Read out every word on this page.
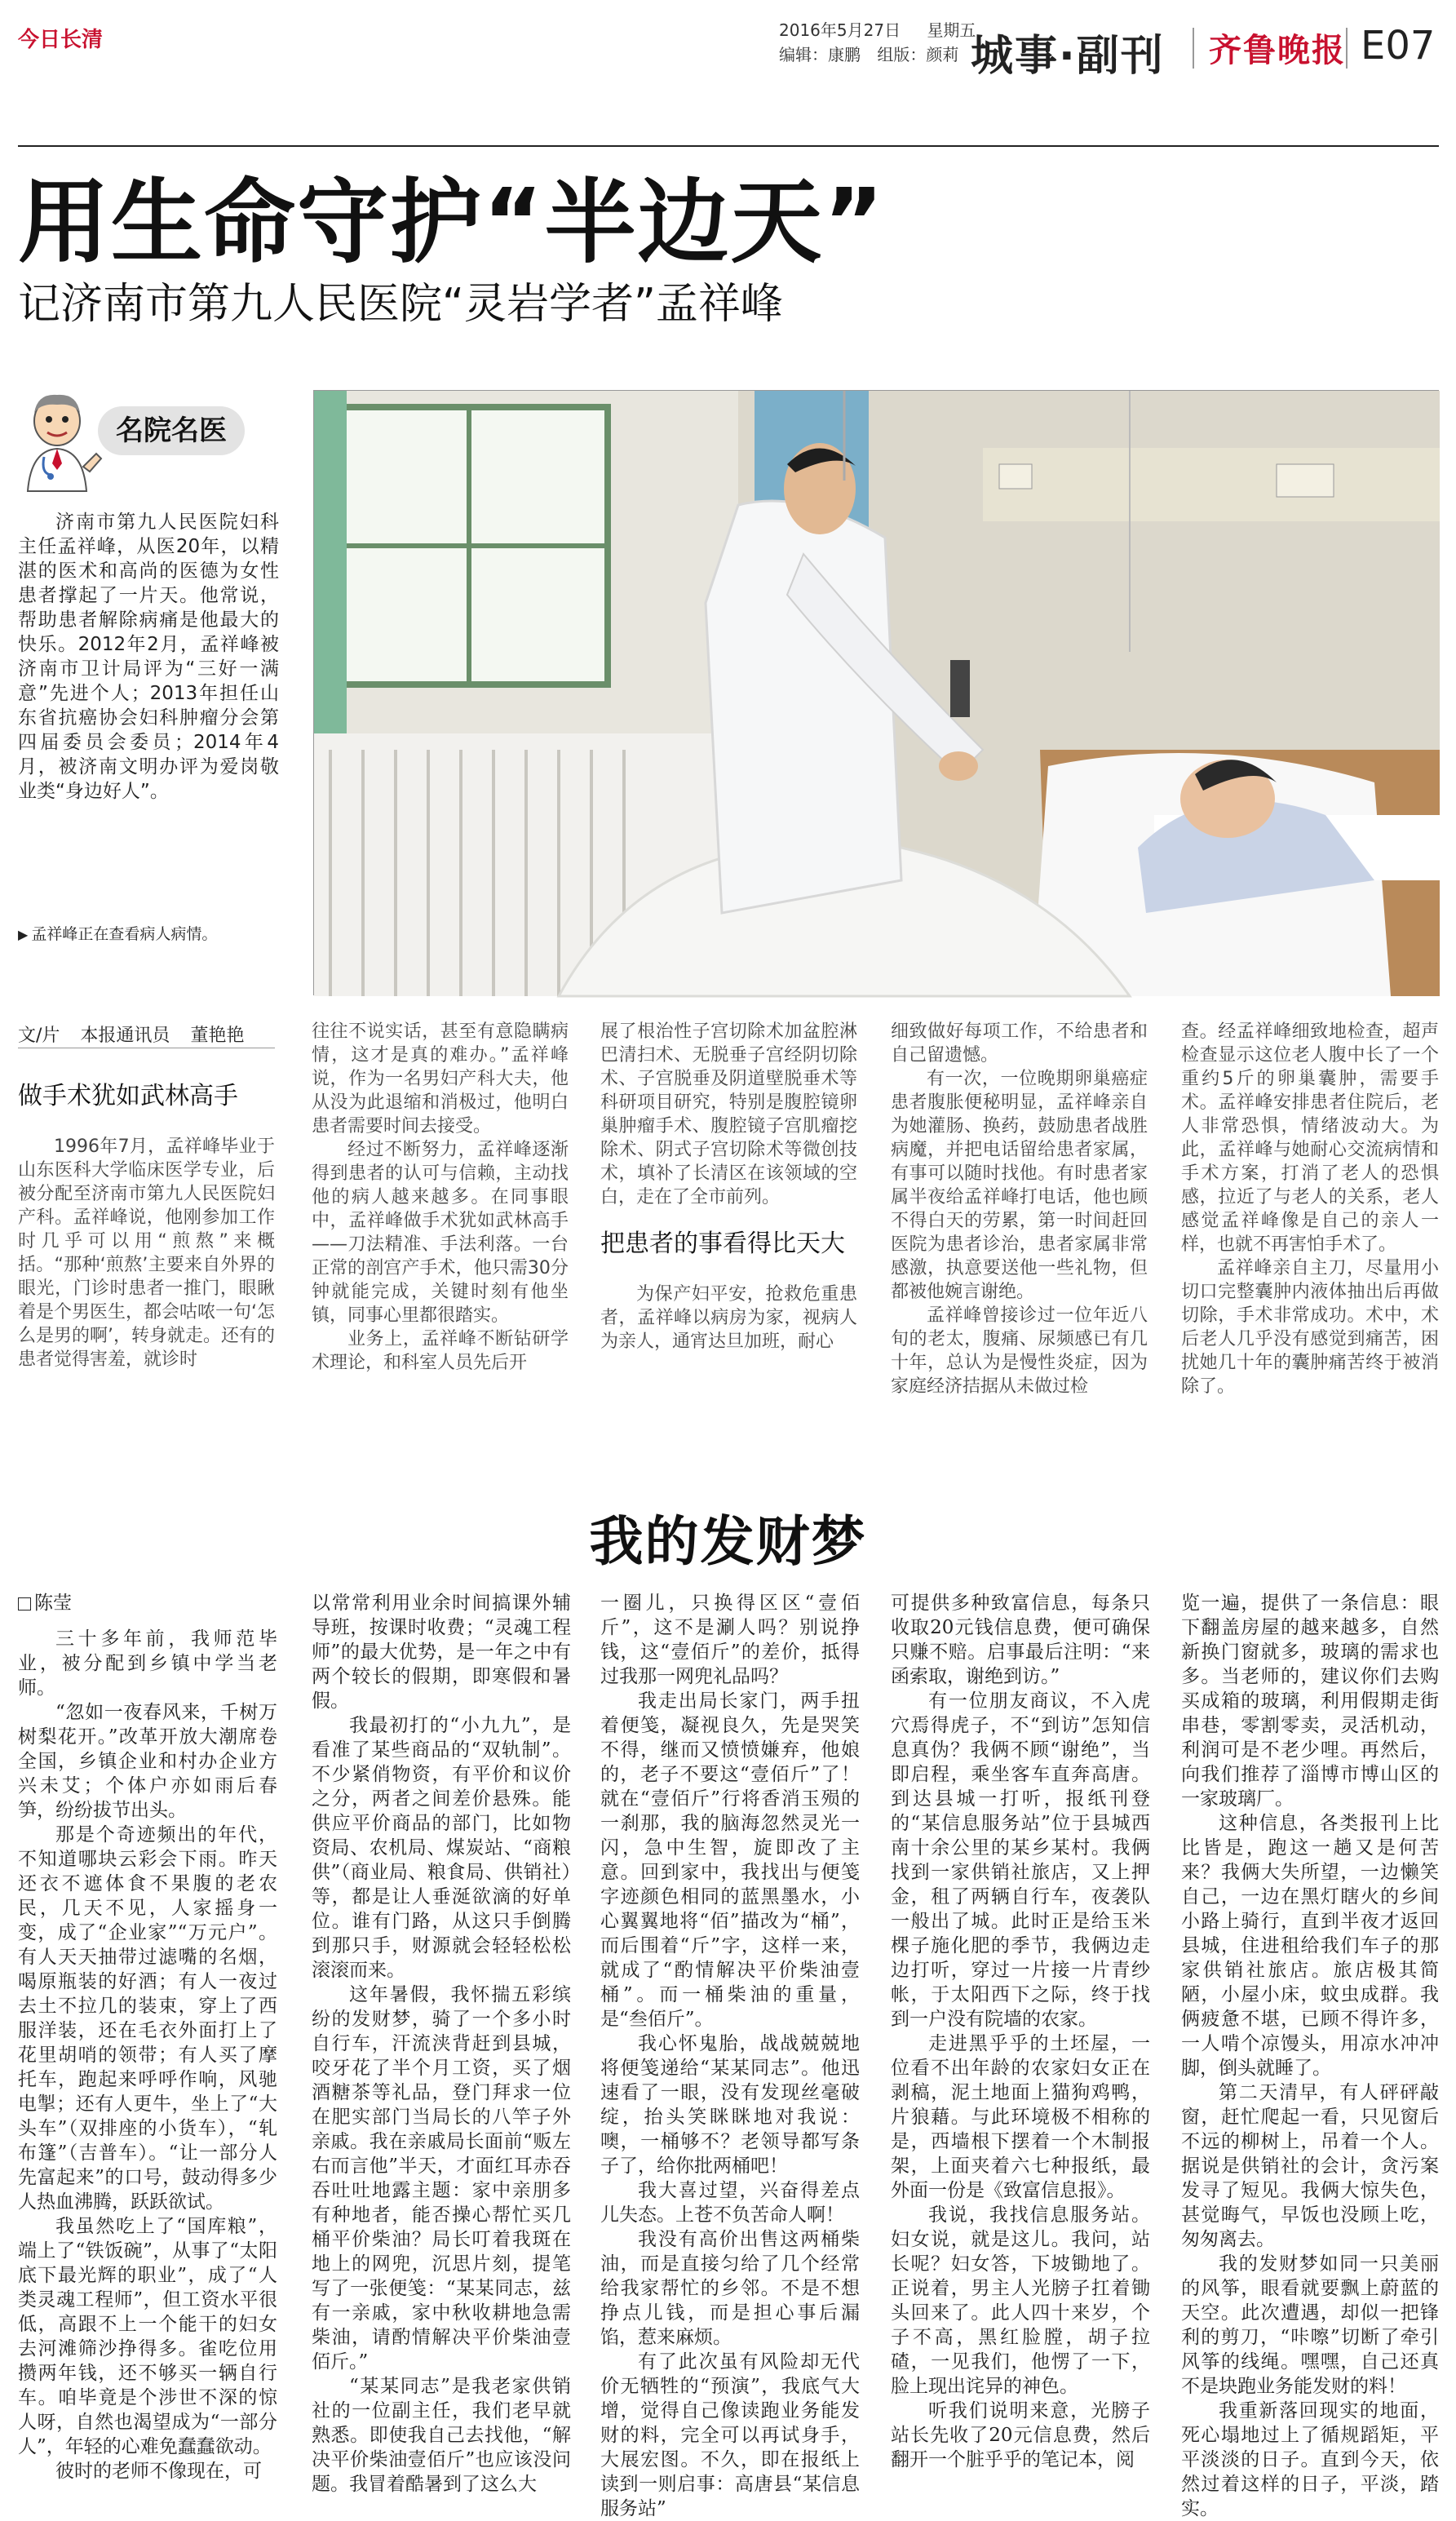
今日长清	2016年5月27日 星期五
编辑：康鹏 组版：颜莉 城事·副刊 齐鲁晚报 E07
用生命守护“半边天”
记济南市第九人民医院“灵岩学者”孟祥峰
名院名医
济南市第九人民医院妇科主任孟祥峰，从医20年，以精湛的医术和高尚的医德为女性患者撑起了一片天。他常说，帮助患者解除病痛是他最大的快乐。2012年2月，孟祥峰被济南市卫计局评为“三好一满意”先进个人；2013年担任山东省抗癌协会妇科肿瘤分会第四届委员会委员；2014年4月，被济南文明办评为爱岗敬业类“身边好人”。
▶ 孟祥峰正在查看病人病情。
文/片 本报通讯员 董艳艳
做手术犹如武林高手

1996年7月，孟祥峰毕业于山东医科大学临床医学专业，后被分配至济南市第九人民医院妇产科。孟祥峰说，他刚参加工作时几乎可以用“煎熬”来概括。“那种‘煎熬’主要来自外界的眼光，门诊时患者一推门，眼瞅着是个男医生，都会咕哝一句‘怎么是男的啊’，转身就走。还有的患者觉得害羞，就诊时

往往不说实话，甚至有意隐瞒病情，这才是真的难办。”孟祥峰说，作为一名男妇产科大夫，他从没为此退缩和消极过，他明白患者需要时间去接受。

经过不断努力，孟祥峰逐渐得到患者的认可与信赖，主动找他的病人越来越多。在同事眼中，孟祥峰做手术犹如武林高手——刀法精准、手法利落。一台正常的剖宫产手术，他只需30分钟就能完成，关键时刻有他坐镇，同事心里都很踏实。

业务上，孟祥峰不断钻研学术理论，和科室人员先后开

展了根治性子宫切除术加盆腔淋巴清扫术、无脱垂子宫经阴切除术、子宫脱垂及阴道壁脱垂术等科研项目研究，特别是腹腔镜卵巢肿瘤手术、腹腔镜子宫肌瘤挖除术、阴式子宫切除术等微创技术，填补了长清区在该领域的空白，走在了全市前列。

把患者的事看得比天大

为保产妇平安，抢救危重患者，孟祥峰以病房为家，视病人为亲人，通宵达旦加班，耐心

细致做好每项工作，不给患者和自己留遗憾。

有一次，一位晚期卵巢癌症患者腹胀便秘明显，孟祥峰亲自为她灌肠、换药，鼓励患者战胜病魔，并把电话留给患者家属，有事可以随时找他。有时患者家属半夜给孟祥峰打电话，他也顾不得白天的劳累，第一时间赶回医院为患者诊治，患者家属非常感激，执意要送他一些礼物，但都被他婉言谢绝。

孟祥峰曾接诊过一位年近八旬的老太，腹痛、尿频感已有几十年，总认为是慢性炎症，因为家庭经济拮据从未做过检

查。经孟祥峰细致地检查，超声检查显示这位老人腹中长了一个重约5斤的卵巢囊肿，需要手术。孟祥峰安排患者住院后，老人非常恐惧，情绪波动大。为此，孟祥峰与她耐心交流病情和手术方案，打消了老人的恐惧感，拉近了与老人的关系，老人感觉孟祥峰像是自己的亲人一样，也就不再害怕手术了。

孟祥峰亲自主刀，尽量用小切口完整囊肿内液体抽出后再做切除，手术非常成功。术中，术后老人几乎没有感觉到痛苦，困扰她几十年的囊肿痛苦终于被消除了。

我的发财梦
陈莹

三十多年前，我师范毕业，被分配到乡镇中学当老师。

“忽如一夜春风来，千树万树梨花开。”改革开放大潮席卷全国，乡镇企业和村办企业方兴未艾；个体户亦如雨后春笋，纷纷拔节出头。

那是个奇迹频出的年代，不知道哪块云彩会下雨。昨天还衣不遮体食不果腹的老农民，几天不见，人家摇身一变，成了“企业家”“万元户”。有人天天抽带过滤嘴的名烟，喝原瓶装的好酒；有人一夜过去土不拉几的装束，穿上了西服洋装，还在毛衣外面打上了花里胡哨的领带；有人买了摩托车，跑起来呼呼作响，风驰电掣；还有人更牛，坐上了“大头车”（双排座的小货车），“轧布篷”（吉普车）。“让一部分人先富起来”的口号，鼓动得多少人热血沸腾，跃跃欲试。

我虽然吃上了“国库粮”，端上了“铁饭碗”，从事了“太阳底下最光辉的职业”，成了“人类灵魂工程师”，但工资水平很低，高跟不上一个能干的妇女去河滩筛沙挣得多。雀吃位用攒两年钱，还不够买一辆自行车。咱毕竟是个涉世不深的惊人呀，自然也渴望成为“一部分人”，年轻的心难免蠢蠢欲动。

彼时的老师不像现在，可

以常常利用业余时间搞课外辅导班，按课时收费；“灵魂工程师”的最大优势，是一年之中有两个较长的假期，即寒假和暑假。

我最初打的“小九九”，是看准了某些商品的“双轨制”。不少紧俏物资，有平价和议价之分，两者之间差价悬殊。能供应平价商品的部门，比如物资局、农机局、煤炭站、“商粮供”（商业局、粮食局、供销社）等，都是让人垂涎欲滴的好单位。谁有门路，从这只手倒腾到那只手，财源就会轻轻松松滚滚而来。

这年暑假，我怀揣五彩缤纷的发财梦，骑了一个多小时自行车，汗流浃背赶到县城，咬牙花了半个月工资，买了烟酒糖茶等礼品，登门拜求一位在肥实部门当局长的八竿子外亲戚。我在亲戚局长面前“贩左右而言他”半天，才面红耳赤吞吞吐吐地露主题：家中亲朋多有种地者，能否操心帮忙买几桶平价柴油？局长叮着我斑在地上的网兜，沉思片刻，提笔写了一张便笺：“某某同志，兹有一亲戚，家中秋收耕地急需柴油，请酌情解决平价柴油壹佰斤。”

“某某同志”是我老家供销社的一位副主任，我们老早就熟悉。即使我自己去找他，“解决平价柴油壹佰斤”也应该没问题。我冒着酷暑到了这么大

一圈儿，只换得区区“壹佰斤”，这不是涮人吗？别说挣钱，这“壹佰斤”的差价，抵得过我那一网兜礼品吗？

我走出局长家门，两手扭着便笺，凝视良久，先是哭笑不得，继而又愤愤嫌弃，他娘的，老子不要这“壹佰斤”了！就在“壹佰斤”行将香消玉殒的一刹那，我的脑海忽然灵光一闪，急中生智，旋即改了主意。回到家中，我找出与便笺字迹颜色相同的蓝黑墨水，小心翼翼地将“佰”描改为“桶”，而后围着“斤”字，这样一来，就成了“酌情解决平价柴油壹桶”。而一桶柴油的重量，是“叁佰斤”。

我心怀鬼胎，战战兢兢地将便笺递给“某某同志”。他迅速看了一眼，没有发现丝毫破绽，抬头笑眯眯地对我说：噢，一桶够不？老领导都写条子了，给你批两桶吧！

我大喜过望，兴奋得差点儿失态。上苍不负苦命人啊！

我没有高价出售这两桶柴油，而是直接匀给了几个经常给我家帮忙的乡邻。不是不想挣点儿钱，而是担心事后漏馅，惹来麻烦。

有了此次虽有风险却无代价无牺牲的“预演”，我底气大增，觉得自己像读跑业务能发财的料，完全可以再试身手，大展宏图。不久，即在报纸上读到一则启事：高唐县“某信息服务站”

可提供多种致富信息，每条只收取20元钱信息费，便可确保只赚不赔。启事最后注明：“来函索取，谢绝到访。”

有一位朋友商议，不入虎穴焉得虎子，不“到访”怎知信息真伪？我俩不顾“谢绝”，当即启程，乘坐客车直奔高唐。到达县城一打听，报纸刊登的“某信息服务站”位于县城西南十余公里的某乡某村。我俩找到一家供销社旅店，又上押金，租了两辆自行车，夜袭队一般出了城。此时正是给玉米棵子施化肥的季节，我俩边走边打听，穿过一片接一片青纱帐，于太阳西下之际，终于找到一户没有院墙的农家。

走进黑乎乎的土坯屋，一位看不出年龄的农家妇女正在剥稿，泥土地面上猫狗鸡鸭，片狼藉。与此环境极不相称的是，西墙根下摆着一个木制报架，上面夹着六七种报纸，最外面一份是《致富信息报》。

我说，我找信息服务站。妇女说，就是这儿。我问，站长呢？妇女答，下坡锄地了。正说着，男主人光膀子扛着锄头回来了。此人四十来岁，个子不高，黑红脸膛，胡子拉碴，一见我们，他愣了一下，脸上现出诧异的神色。

听我们说明来意，光膀子站长先收了20元信息费，然后翻开一个脏乎乎的笔记本，阅

览一遍，提供了一条信息：眼下翻盖房屋的越来越多，自然新换门窗就多，玻璃的需求也多。当老师的，建议你们去购买成箱的玻璃，利用假期走街串巷，零割零卖，灵活机动，利润可是不老少哩。再然后，向我们推荐了淄博市博山区的一家玻璃厂。

这种信息，各类报刊上比比皆是，跑这一趟又是何苦来？我俩大失所望，一边懒笑自己，一边在黑灯瞎火的乡间小路上骑行，直到半夜才返回县城，住进租给我们车子的那家供销社旅店。旅店极其简陋，小屋小床，蚊虫成群。我俩疲惫不堪，已顾不得许多，一人啃个凉馒头，用凉水冲冲脚，倒头就睡了。

第二天清早，有人砰砰敲窗，赶忙爬起一看，只见窗后不远的柳树上，吊着一个人。据说是供销社的会计，贪污案发寻了短见。我俩大惊失色，甚觉晦气，早饭也没顾上吃，匆匆离去。

我的发财梦如同一只美丽的风筝，眼看就要飘上蔚蓝的天空。此次遭遇，却似一把锋利的剪刀，“咔嚓”切断了牵引风筝的线绳。嘿嘿，自己还真不是块跑业务能发财的料！

我重新落回现实的地面，死心塌地过上了循规蹈矩，平平淡淡的日子。直到今天，依然过着这样的日子，平淡，踏实。
